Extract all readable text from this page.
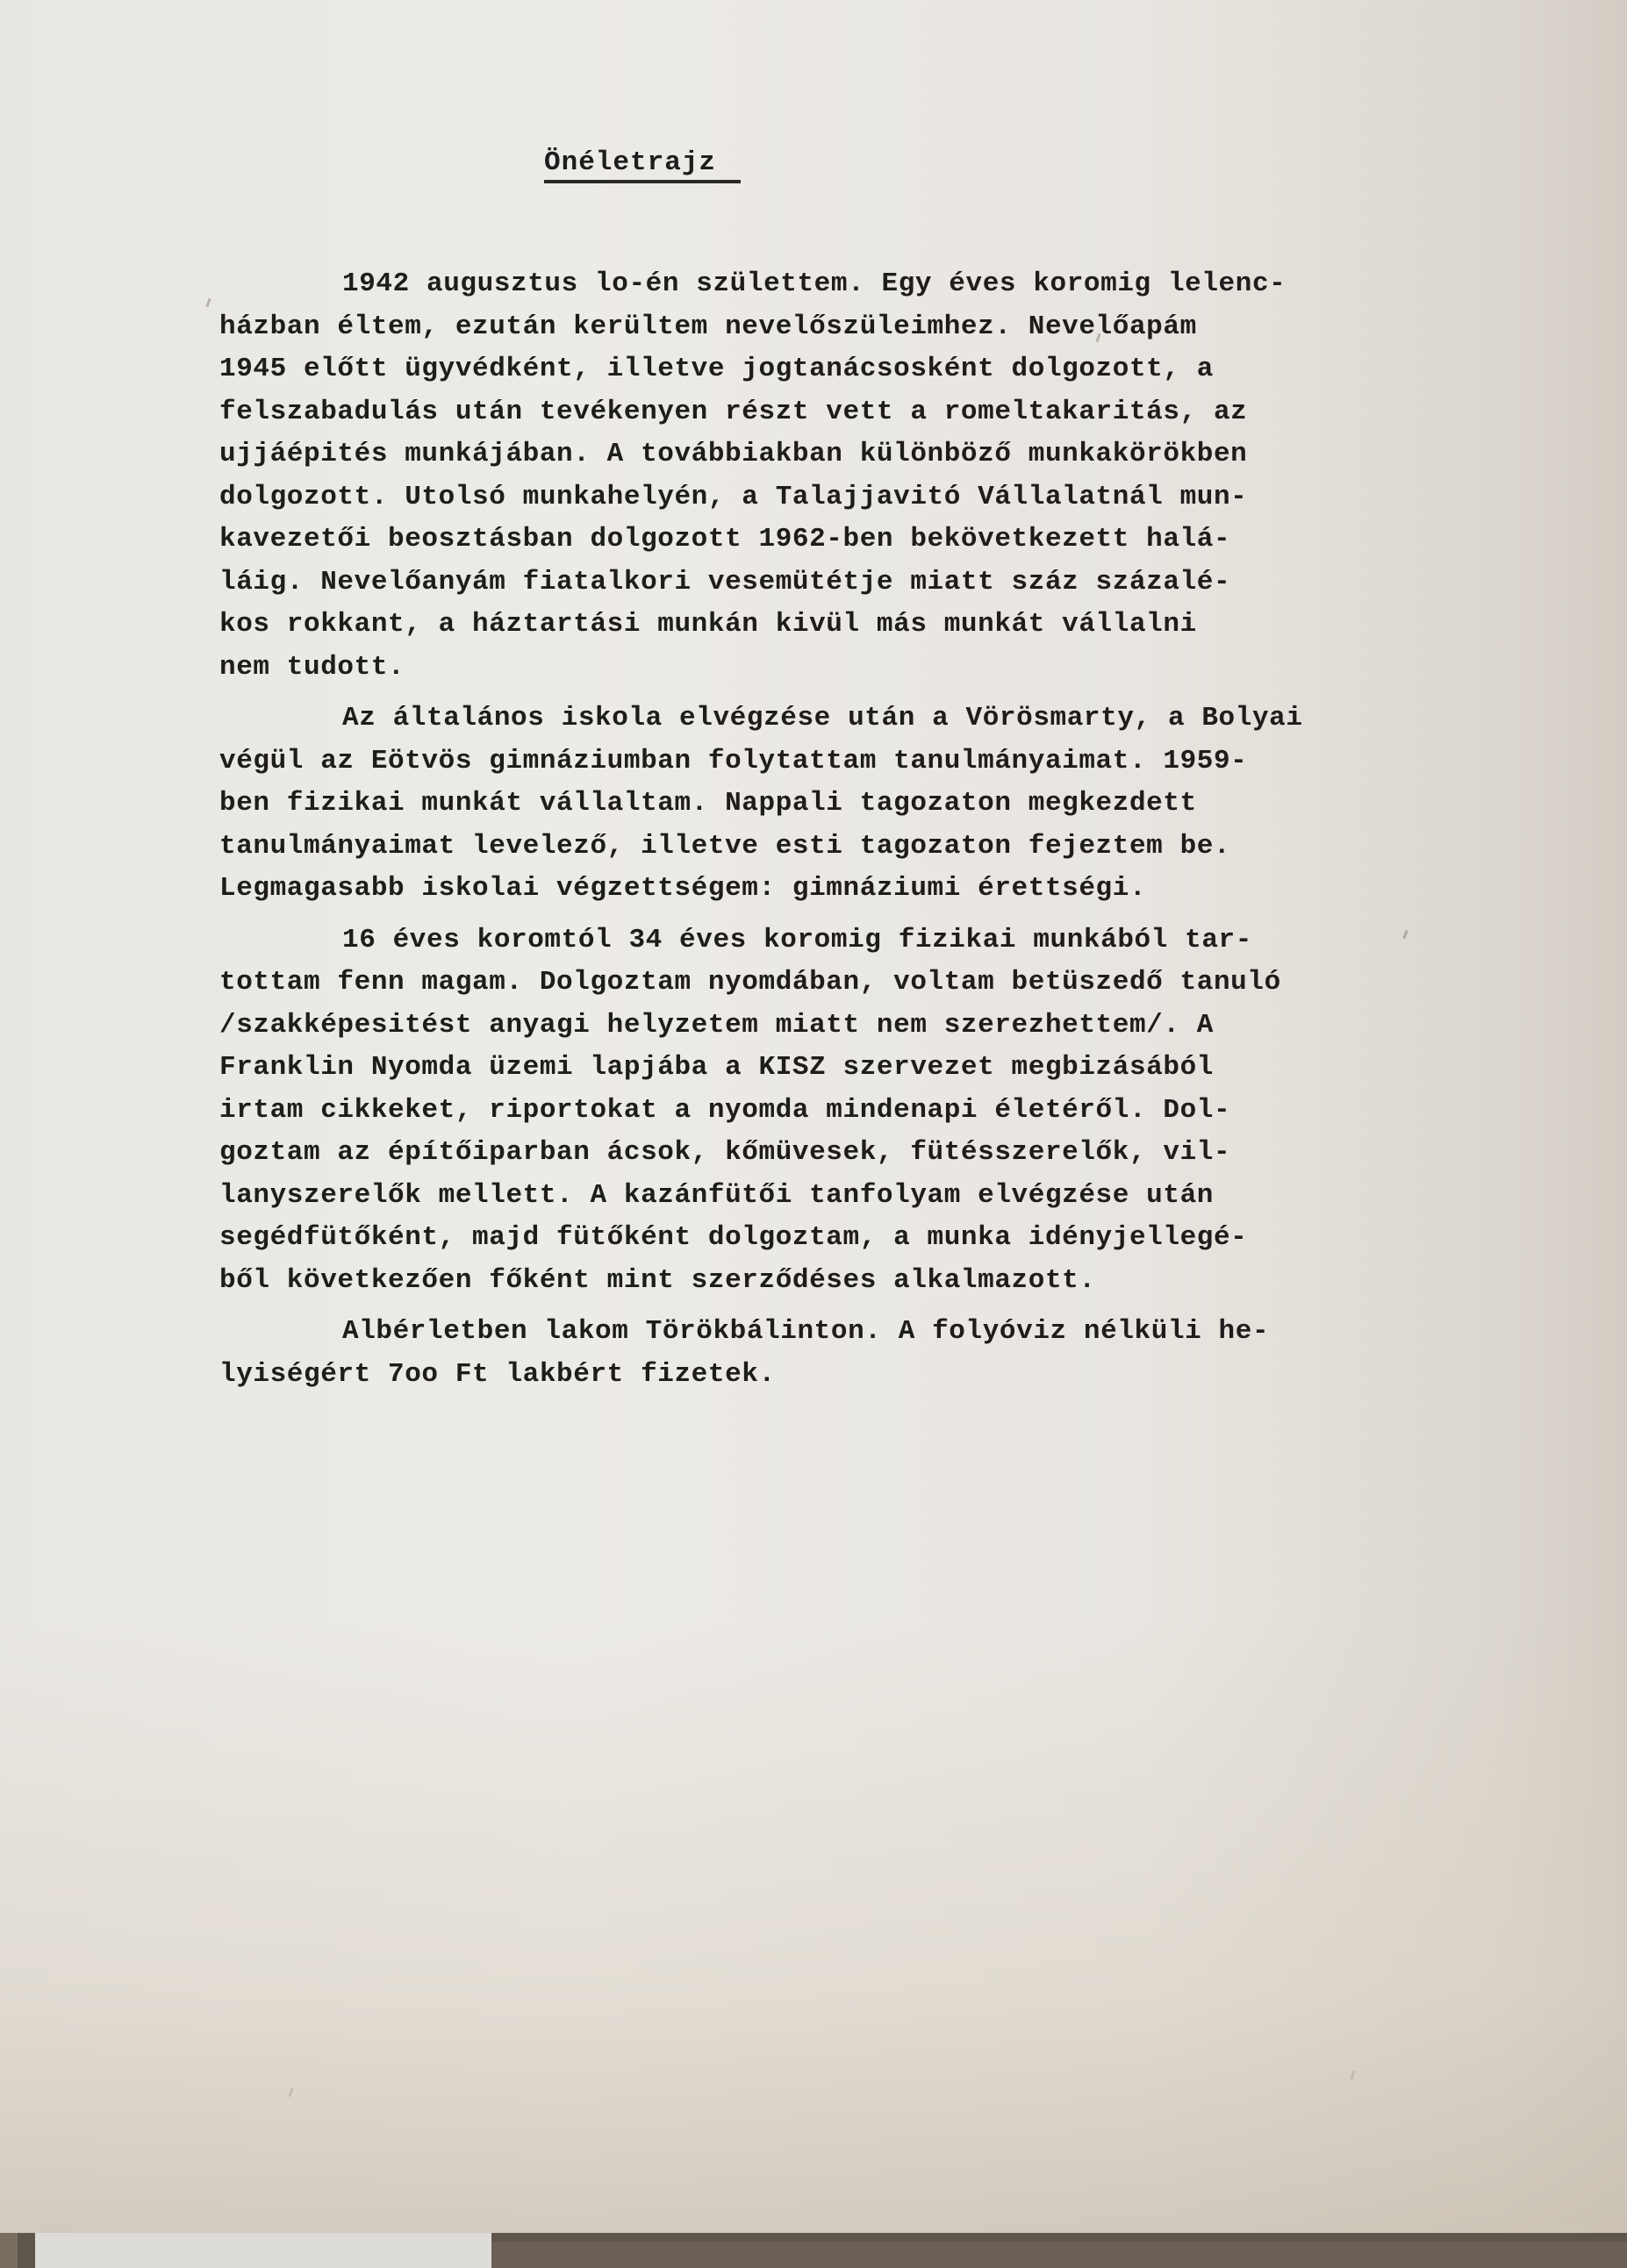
Önéletrajz
1942 augusztus lo-én születtem. Egy éves koromig lelenc-
házban éltem, ezután kerültem nevelőszüleimhez. Nevelőapám
1945 előtt ügyvédként, illetve jogtanácsosként dolgozott, a
felszabadulás után tevékenyen részt vett a romeltakaritás, az
ujjáépités munkájában. A továbbiakban különböző munkakörökben
dolgozott. Utolsó munkahelyén, a Talajjavitó Vállalatnál mun-
kavezetői beosztásban dolgozott 1962-ben bekövetkezett halá-
láig. Nevelőanyám fiatalkori vesemütétje miatt száz százalé-
kos rokkant, a háztartási munkán kivül más munkát vállalni
nem tudott.
Az általános iskola elvégzése után a Vörösmarty, a Bolyai
végül az Eötvös gimnáziumban folytattam tanulmányaimat. 1959-
ben fizikai munkát vállaltam. Nappali tagozaton megkezdett
tanulmányaimat levelező, illetve esti tagozaton fejeztem be.
Legmagasabb iskolai végzettségem: gimnáziumi érettségi.
16 éves koromtól 34 éves koromig fizikai munkából tar-
tottam fenn magam. Dolgoztam nyomdában, voltam betüszedő tanuló
/szakképesitést anyagi helyzetem miatt nem szerezhettem/. A
Franklin Nyomda üzemi lapjába a KISZ szervezet megbizásából
irtam cikkeket, riportokat a nyomda mindenapi életéről. Dol-
goztam az építőiparban ácsok, kőmüvesek, fütésszerelők, vil-
lanyszerelők mellett. A kazánfütői tanfolyam elvégzése után
segédfütőként, majd fütőként dolgoztam, a munka idényjellegé-
ből következően főként mint szerződéses alkalmazott.
Albérletben lakom Törökbálinton. A folyóviz nélküli he-
lyiségért 7oo Ft lakbért fizetek.
